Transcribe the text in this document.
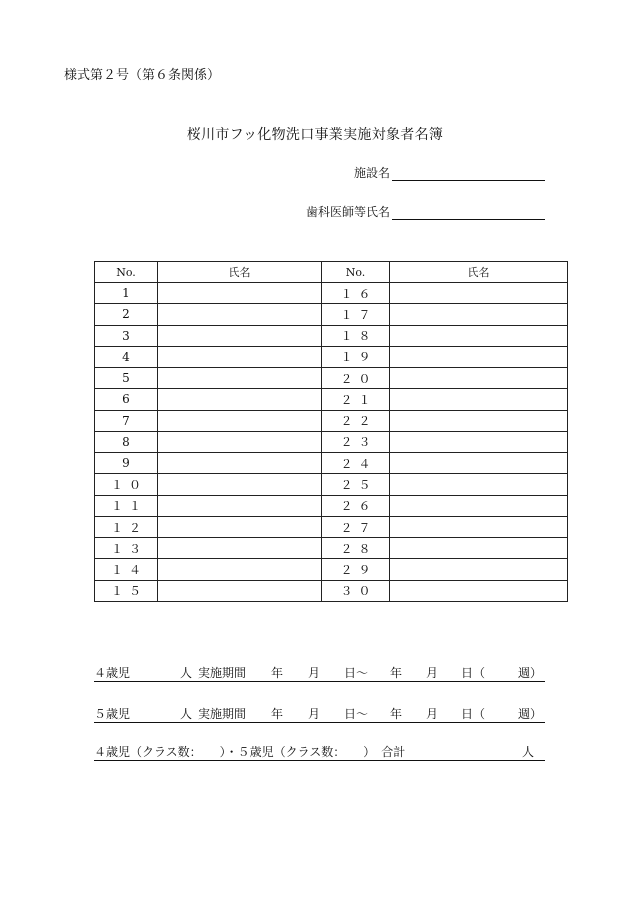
様式第２号（第６条関係）
桜川市フッ化物洗口事業実施対象者名簿
施設名
歯科医師等氏名
No.	氏名	No.	氏名
1		１６	
2		１７	
3		１８	
4		１９	
5		２０	
6		２１	
7		２２	
8		２３	
9		２４	
１０		２５	
１１		２６	
１２		２７	
１３		２８	
１４		２９	
１５		３０	
４歳児	人 実施期間 年 月 日～ 年 月 日（	週）
５歳児	人 実施期間 年 月 日～ 年 月 日（	週）
４歳児（クラス数：　　）・５歳児（クラス数：　　）　合計	人
